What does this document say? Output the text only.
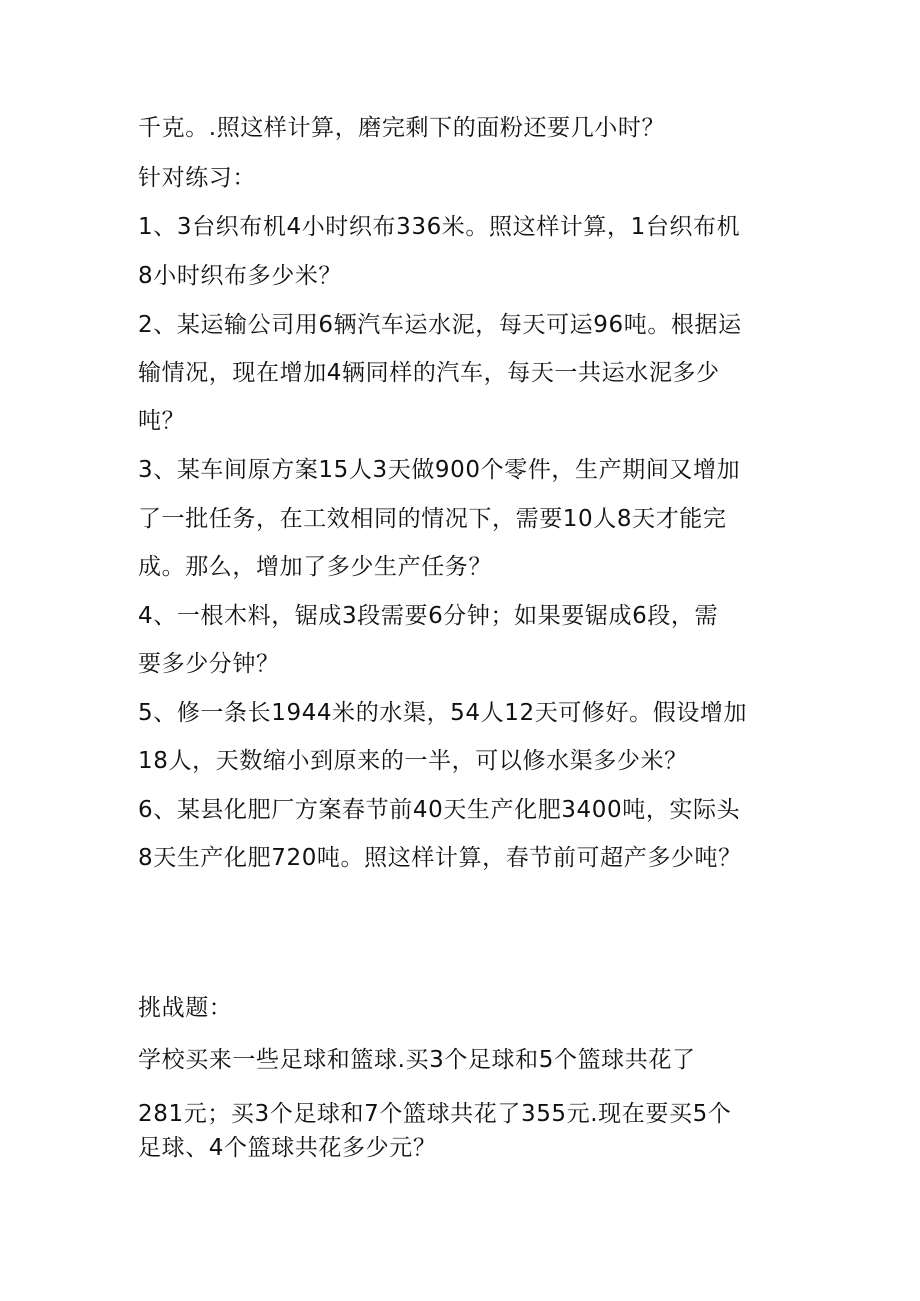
千克。.照这样计算，磨完剩下的面粉还要几小时？
针对练习：
1、3台织布机4小时织布336米。照这样计算，1台织布机
8小时织布多少米？
2、某运输公司用6辆汽车运水泥，每天可运96吨。根据运
输情况，现在增加4辆同样的汽车，每天一共运水泥多少
吨？
3、某车间原方案15人3天做900个零件，生产期间又增加
了一批任务，在工效相同的情况下，需要10人8天才能完
成。那么，增加了多少生产任务？
4、一根木料，锯成3段需要6分钟；如果要锯成6段，需
要多少分钟？
5、修一条长1944米的水渠，54人12天可修好。假设增加
18人，天数缩小到原来的一半，可以修水渠多少米？
6、某县化肥厂方案春节前40天生产化肥3400吨，实际头
8天生产化肥720吨。照这样计算，春节前可超产多少吨？
挑战题：
学校买来一些足球和篮球.买3个足球和5个篮球共花了
281元；买3个足球和7个篮球共花了355元.现在要买5个
足球、4个篮球共花多少元？
